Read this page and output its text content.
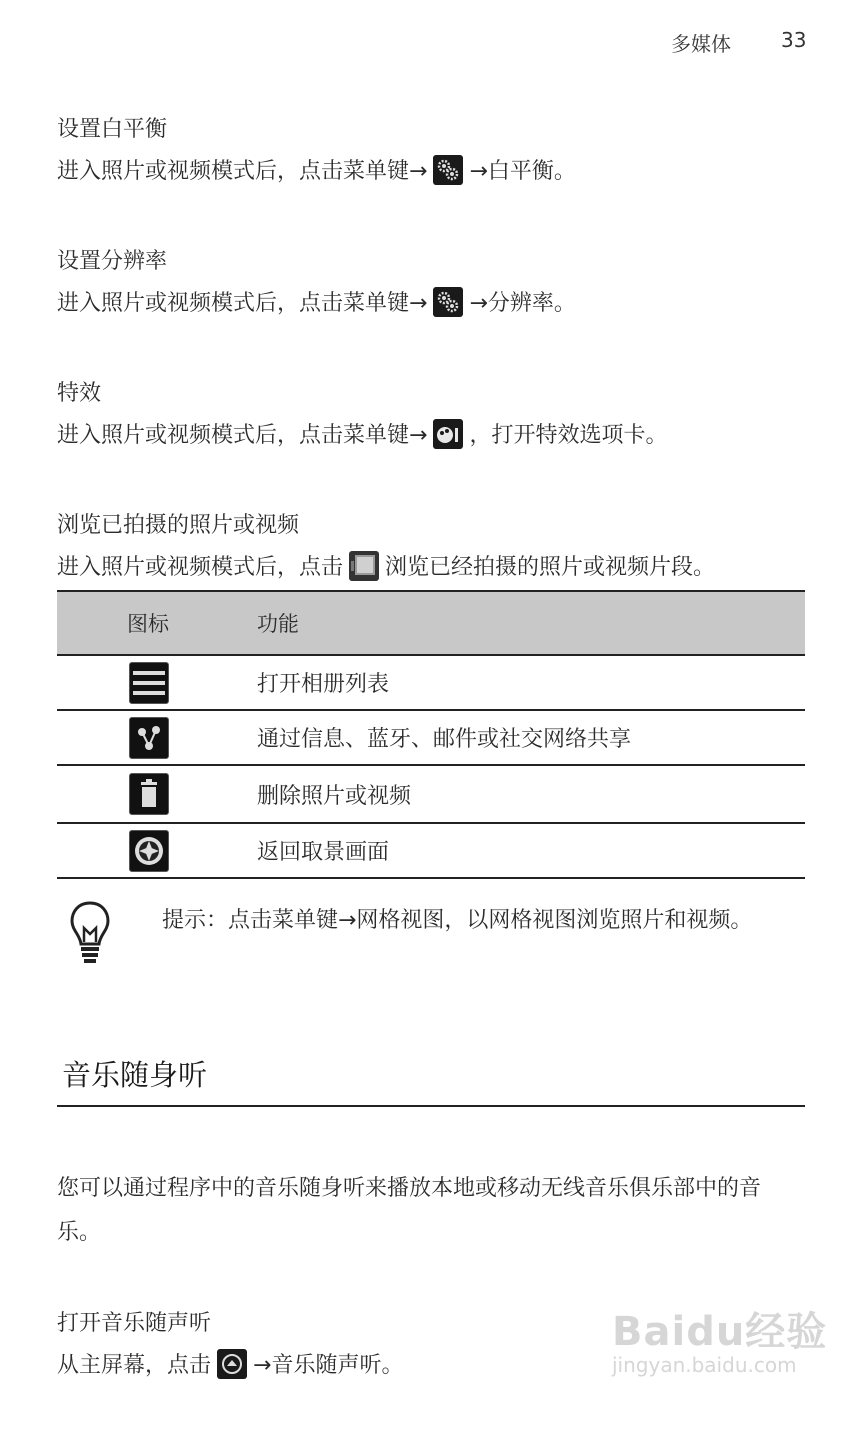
多媒体	33
设置白平衡
进入照片或视频模式后，点击菜单键→ →白平衡。
设置分辨率
进入照片或视频模式后，点击菜单键→ →分辨率。
特效
进入照片或视频模式后，点击菜单键→ ，打开特效选项卡。
浏览已拍摄的照片或视频
进入照片或视频模式后，点击 浏览已经拍摄的照片或视频片段。
图标	功能
打开相册列表
通过信息、蓝牙、邮件或社交网络共享
删除照片或视频
返回取景画面
提示：点击菜单键→网格视图，以网格视图浏览照片和视频。
音乐随身听
您可以通过程序中的音乐随身听来播放本地或移动无线音乐俱乐部中的音乐。
打开音乐随声听
从主屏幕，点击 →音乐随声听。
Baidu经验
jingyan.baidu.com
